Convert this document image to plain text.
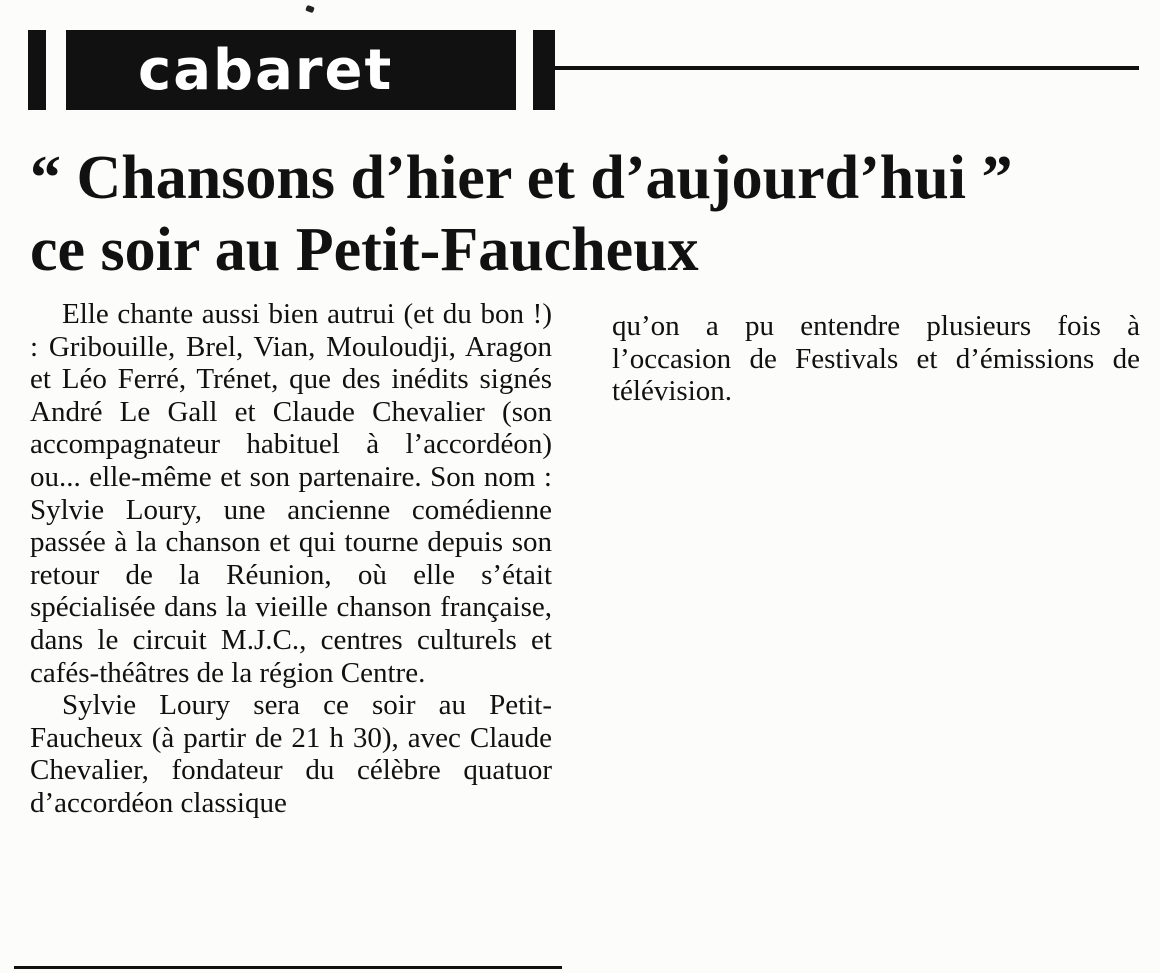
cabaret
“ Chansons d’hier et d’aujourd’hui ”
ce soir au Petit-Faucheux

Elle chante aussi bien autrui (et du bon !) : Gribouille, Brel, Vian, Mouloudji, Aragon et Léo Ferré, Trénet, que des inédits signés André Le Gall et Claude Chevalier (son accompagnateur habituel à l’accordéon) ou... elle-même et son partenaire. Son nom : Sylvie Loury, une ancienne comédienne passée à la chanson et qui tourne depuis son retour de la Réunion, où elle s’était spécialisée dans la vieille chanson française, dans le circuit M.J.C., centres culturels et cafés-théâtres de la région Centre.

Sylvie Loury sera ce soir au Petit-Faucheux (à partir de 21 h 30), avec Claude Chevalier, fondateur du célèbre quatuor d’accordéon classique

qu’on a pu entendre plusieurs fois à l’occasion de Festivals et d’émissions de télévision.
